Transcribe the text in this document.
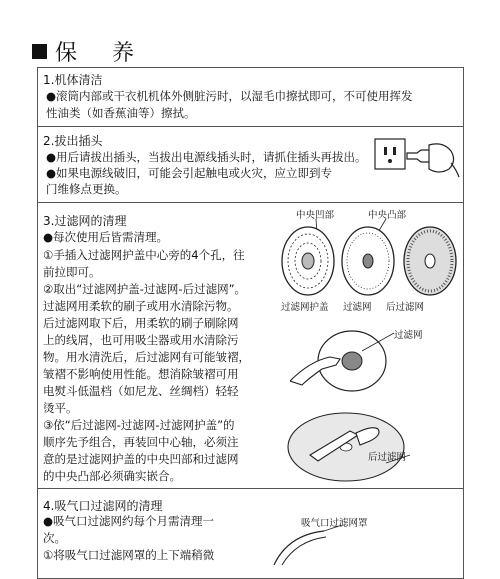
保 养
1.机体清洁
●滚筒内部或干衣机机体外侧脏污时，以湿毛巾擦拭即可，不可使用挥发
性油类（如香蕉油等）擦拭。
2.拔出插头
●用后请拔出插头，当拔出电源线插头时，请抓住插头再拔出。
●如果电源线破旧，可能会引起触电或火灾，应立即到专
门维修点更换。
3.过滤网的清理
●每次使用后皆需清理。
①手插入过滤网护盖中心旁的4个孔，往
前拉即可。
②取出“过滤网护盖-过滤网-后过滤网”。
过滤网用柔软的刷子或用水清除污物。
后过滤网取下后，用柔软的刷子刷除网
上的线屑，也可用吸尘器或用水清除污
物。用水清洗后，后过滤网有可能皱褶，
皱褶不影响使用性能。想消除皱褶可用
电熨斗低温档（如尼龙、丝绸档）轻轻
烫平。
③依“后过滤网-过滤网-过滤网护盖”的
顺序先予组合，再装回中心轴，必须注
意的是过滤网护盖的中央凹部和过滤网
的中央凸部必须确实嵌合。
中央凹部	中央凸部
过滤网护盖 过滤网 后过滤网
过滤网
后过滤网
4.吸气口过滤网的清理
●吸气口过滤网约每个月需清理一
次。
①将吸气口过滤网罩的上下端稍微
吸气口过滤网罩
